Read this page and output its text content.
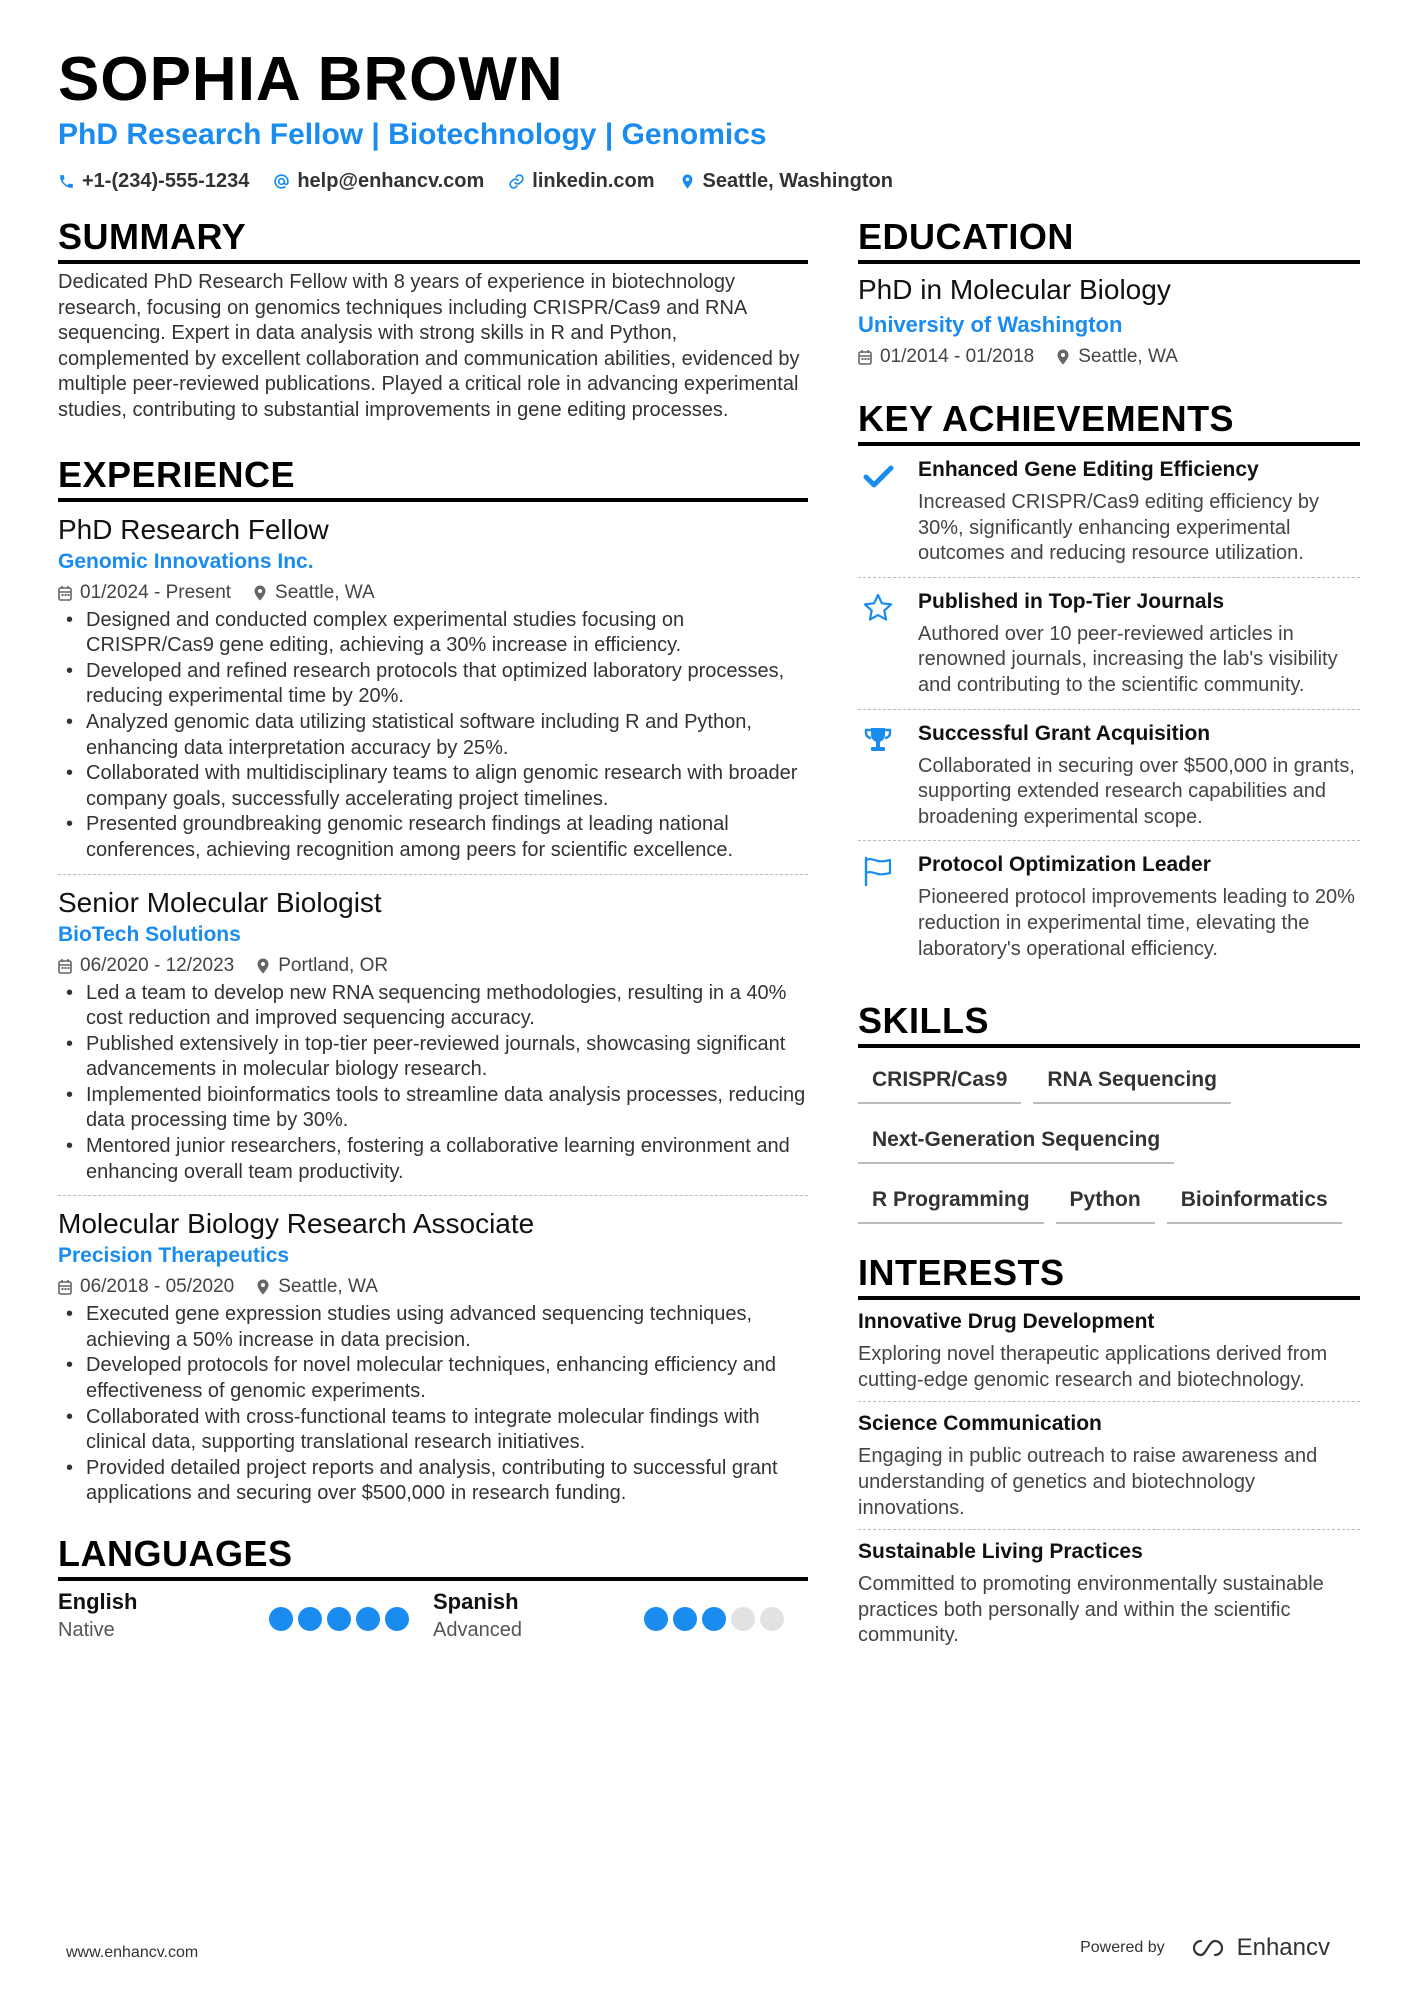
SOPHIA BROWN
PhD Research Fellow | Biotechnology | Genomics
+1-(234)-555-1234 help@enhancv.com linkedin.com Seattle, Washington
SUMMARY

Dedicated PhD Research Fellow with 8 years of experience in biotechnology research, focusing on genomics techniques including CRISPR/Cas9 and RNA sequencing. Expert in data analysis with strong skills in R and Python, complemented by excellent collaboration and communication abilities, evidenced by multiple peer-reviewed publications. Played a critical role in advancing experimental studies, contributing to substantial improvements in gene editing processes.

EXPERIENCE
PhD Research Fellow
Genomic Innovations Inc.
01/2024 - Present Seattle, WA
• Designed and conducted complex experimental studies focusing on CRISPR/Cas9 gene editing, achieving a 30% increase in efficiency.
• Developed and refined research protocols that optimized laboratory processes, reducing experimental time by 20%.
• Analyzed genomic data utilizing statistical software including R and Python, enhancing data interpretation accuracy by 25%.
• Collaborated with multidisciplinary teams to align genomic research with broader company goals, successfully accelerating project timelines.
• Presented groundbreaking genomic research findings at leading national conferences, achieving recognition among peers for scientific excellence.
Senior Molecular Biologist
BioTech Solutions
06/2020 - 12/2023 Portland, OR
• Led a team to develop new RNA sequencing methodologies, resulting in a 40% cost reduction and improved sequencing accuracy.
• Published extensively in top-tier peer-reviewed journals, showcasing significant advancements in molecular biology research.
• Implemented bioinformatics tools to streamline data analysis processes, reducing data processing time by 30%.
• Mentored junior researchers, fostering a collaborative learning environment and enhancing overall team productivity.
Molecular Biology Research Associate
Precision Therapeutics
06/2018 - 05/2020 Seattle, WA
• Executed gene expression studies using advanced sequencing techniques, achieving a 50% increase in data precision.
• Developed protocols for novel molecular techniques, enhancing efficiency and effectiveness of genomic experiments.
• Collaborated with cross-functional teams to integrate molecular findings with clinical data, supporting translational research initiatives.
• Provided detailed project reports and analysis, contributing to successful grant applications and securing over $500,000 in research funding.
LANGUAGES
English
Native
Spanish
Advanced
EDUCATION
PhD in Molecular Biology
University of Washington
01/2014 - 01/2018 Seattle, WA
KEY ACHIEVEMENTS
Enhanced Gene Editing Efficiency
Increased CRISPR/Cas9 editing efficiency by 30%, significantly enhancing experimental outcomes and reducing resource utilization.
Published in Top-Tier Journals
Authored over 10 peer-reviewed articles in renowned journals, increasing the lab's visibility and contributing to the scientific community.
Successful Grant Acquisition
Collaborated in securing over $500,000 in grants, supporting extended research capabilities and broadening experimental scope.
Protocol Optimization Leader
Pioneered protocol improvements leading to 20% reduction in experimental time, elevating the laboratory's operational efficiency.
SKILLS
CRISPR/Cas9	RNA Sequencing
Next-Generation Sequencing
R Programming	Python	Bioinformatics
INTERESTS
Innovative Drug Development
Exploring novel therapeutic applications derived from cutting-edge genomic research and biotechnology.
Science Communication
Engaging in public outreach to raise awareness and understanding of genetics and biotechnology innovations.
Sustainable Living Practices
Committed to promoting environmentally sustainable practices both personally and within the scientific community.
www.enhancv.com	Powered by	Enhancv
